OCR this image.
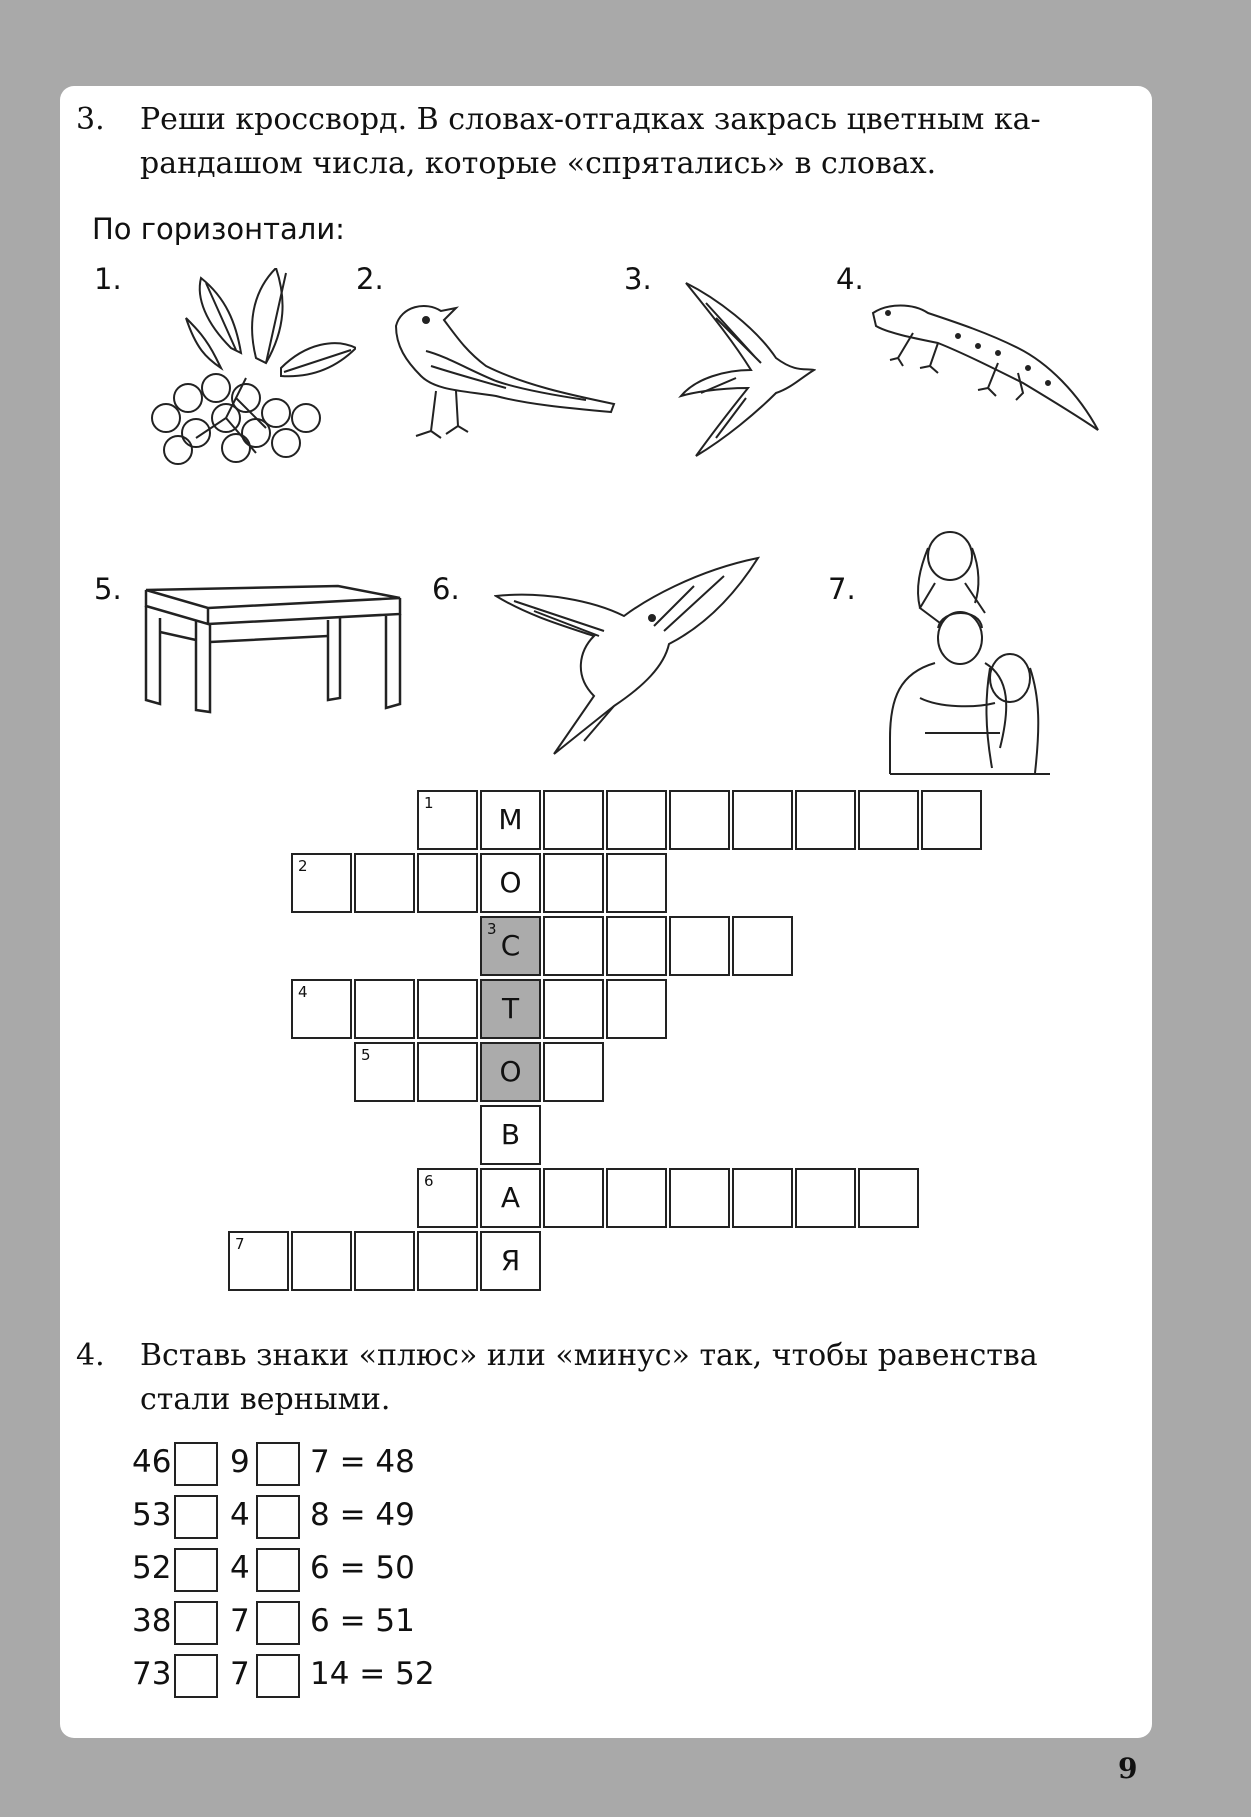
3. Реши кроссворд. В словах-отгадках закрась цветным ка-
рандашом числа, которые «спрятались» в словах.
По горизонтали:
1.	2.	3.	4.
5.	6.	7.
1	М
2	О
3 С
4	Т
5	О
В
6	А
7	Я
4. Вставь знаки «плюс» или «минус» так, чтобы равенства
стали верными.
46 9 7 = 48
53 4 8 = 49
52 4 6 = 50
38 7 6 = 51
73 7 14 = 52
9
